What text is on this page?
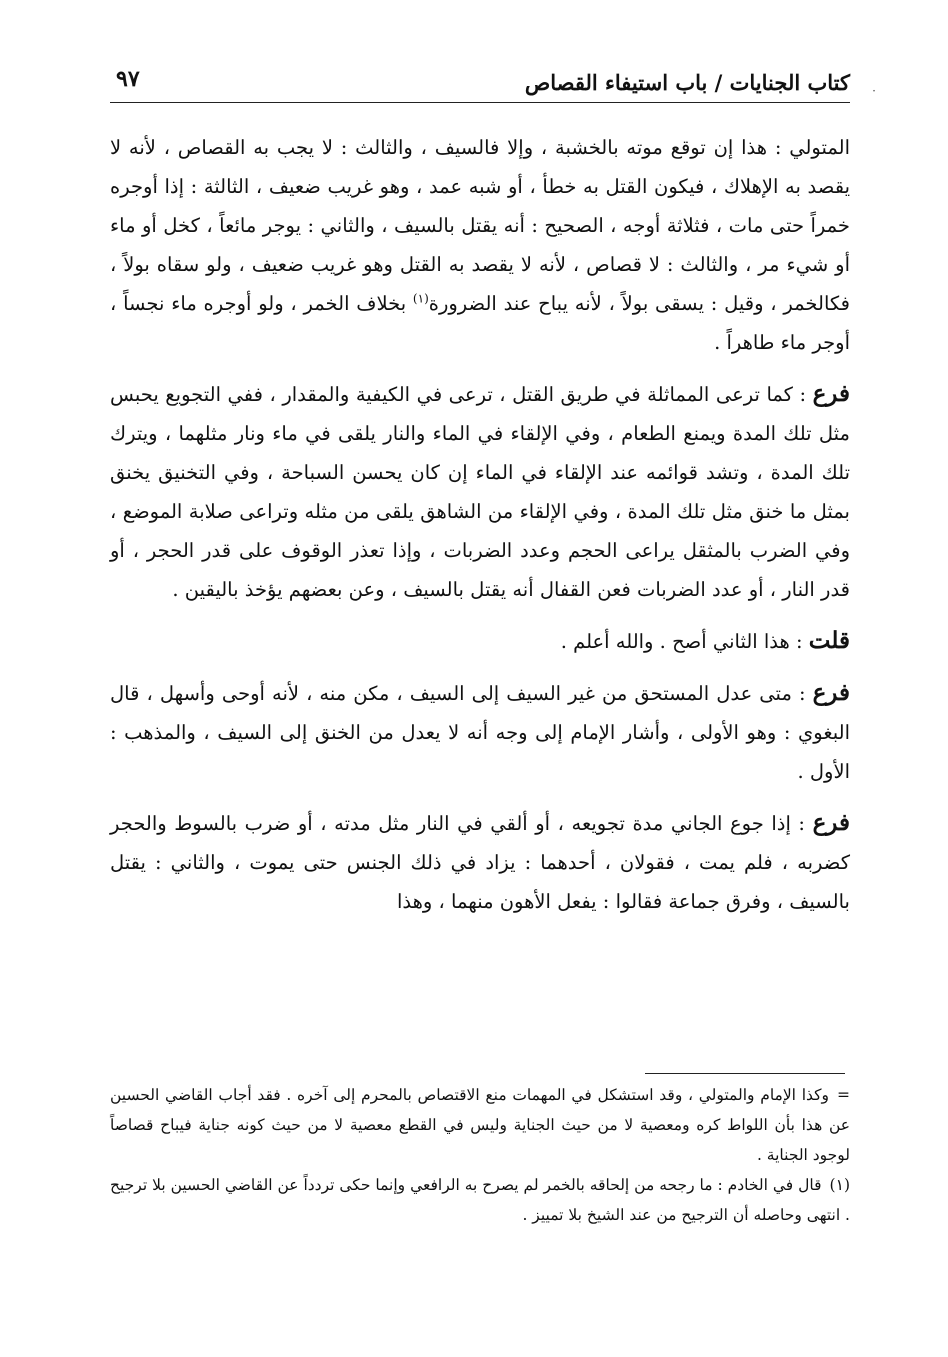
كتاب الجنايات / باب استيفاء القصاص ·
٩٧

المتولي : هذا إن توقع موته بالخشبة ، وإلا فالسيف ، والثالث : لا يجب به القصاص ، لأنه لا يقصد به الإهلاك ، فيكون القتل به خطأ ، أو شبه عمد ، وهو غريب ضعيف ، الثالثة : إذا أوجره خمراً حتى مات ، فثلاثة أوجه ، الصحيح : أنه يقتل بالسيف ، والثاني : يوجر مائعاً ، كخل أو ماء أو شيء مر ، والثالث : لا قصاص ، لأنه لا يقصد به القتل وهو غريب ضعيف ، ولو سقاه بولاً ، فكالخمر ، وقيل : يسقى بولاً ، لأنه يباح عند الضرورة$^{(١)}$ بخلاف الخمر ، ولو أوجره ماء نجساً ، أوجر ماء طاهراً .

فرع : كما ترعى المماثلة في طريق القتل ، ترعى في الكيفية والمقدار ، ففي التجويع يحبس مثل تلك المدة ويمنع الطعام ، وفي الإلقاء في الماء والنار يلقى في ماء ونار مثلهما ، ويترك تلك المدة ، وتشد قوائمه عند الإلقاء في الماء إن كان يحسن السباحة ، وفي التخنيق يخنق بمثل ما خنق مثل تلك المدة ، وفي الإلقاء من الشاهق يلقى من مثله وتراعى صلابة الموضع ، وفي الضرب بالمثقل يراعى الحجم وعدد الضربات ، وإذا تعذر الوقوف على قدر الحجر ، أو قدر النار ، أو عدد الضربات فعن القفال أنه يقتل بالسيف ، وعن بعضهم يؤخذ باليقين .

قلت : هذا الثاني أصح . والله أعلم .

فرع : متى عدل المستحق من غير السيف إلى السيف ، مكن منه ، لأنه أوحى وأسهل ، قال البغوي : وهو الأولى ، وأشار الإمام إلى وجه أنه لا يعدل من الخنق إلى السيف ، والمذهب : الأول .

فرع : إذا جوع الجاني مدة تجويعه ، أو ألقي في النار مثل مدته ، أو ضرب بالسوط والحجر كضربه ، فلم يمت ، فقولان ، أحدهما : يزاد في ذلك الجنس حتى يموت ، والثاني : يقتل بالسيف ، وفرق جماعة فقالوا : يفعل الأهون منهما ، وهذا

=وكذا الإمام والمتولي ، وقد استشكل في المهمات منع الاقتصاص بالمحرم إلى آخره . فقد أجاب القاضي الحسين عن هذا بأن اللواط كره ومعصية لا من حيث الجناية وليس في القطع معصية لا من حيث كونه جناية فيباح قصاصاً لوجود الجناية .

(١)قال في الخادم : ما رجحه من إلحاقه بالخمر لم يصرح به الرافعي وإنما حكى تردداً عن القاضي الحسين بلا ترجيح . انتهى وحاصله أن الترجيح من عند الشيخ بلا تمييز .
